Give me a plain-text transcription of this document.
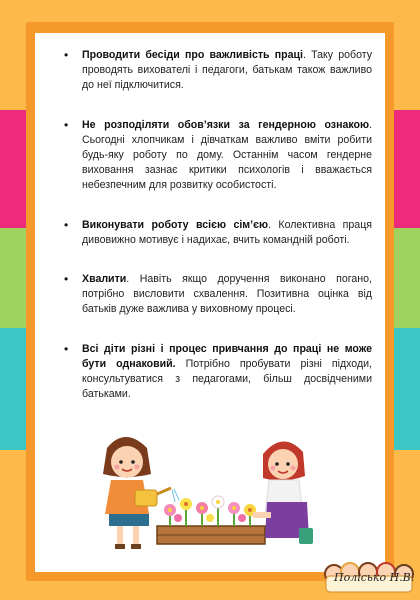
• Проводити бесіди про важливість праці. Таку роботу проводять вихователі і педагоги, батькам також важливо до неї підключитися.
• Не розподіляти обов’язки за гендерною ознакою. Сьогодні хлопчикам і дівчаткам важливо вміти робити будь-яку роботу по дому. Останнім часом гендерне виховання зазнає критики психологів і вважається небезпечним для розвитку особистості.
• Виконувати роботу всією сім’єю. Колективна праця дивовижно мотивує і надихає, вчить командній роботі.
• Хвалити. Навіть якщо доручення виконано погано, потрібно висловити схвалення. Позитивна оцінка від батьків дуже важлива у виховному процесі.
• Всі діти різні і процес привчання до праці не може бути однаковий. Потрібно пробувати різні підходи, консультуватися з педагогами, більш досвідченими батьками.
Полісько Н.В.
